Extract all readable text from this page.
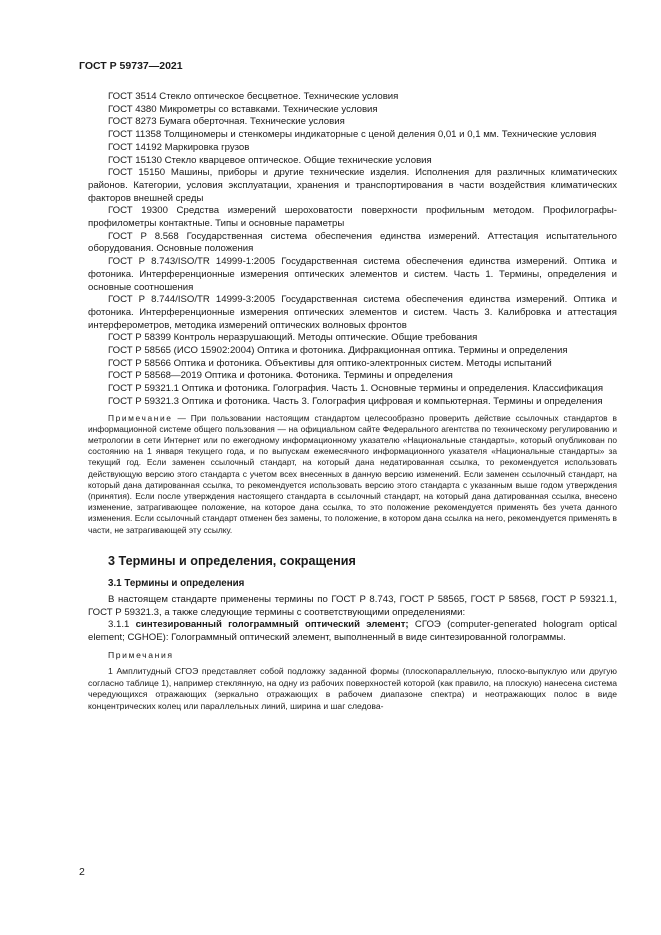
ГОСТ Р 59737—2021

ГОСТ 3514 Стекло оптическое бесцветное. Технические условия

ГОСТ 4380 Микрометры со вставками. Технические условия

ГОСТ 8273 Бумага оберточная. Технические условия

ГОСТ 11358 Толщиномеры и стенкомеры индикаторные с ценой деления 0,01 и 0,1 мм. Технические условия

ГОСТ 14192 Маркировка грузов

ГОСТ 15130 Стекло кварцевое оптическое. Общие технические условия

ГОСТ 15150 Машины, приборы и другие технические изделия. Исполнения для различных климатических районов. Категории, условия эксплуатации, хранения и транспортирования в части воздействия климатических факторов внешней среды

ГОСТ 19300 Средства измерений шероховатости поверхности профильным методом. Профилографы-профилометры контактные. Типы и основные параметры

ГОСТ Р 8.568 Государственная система обеспечения единства измерений. Аттестация испытательного оборудования. Основные положения

ГОСТ Р 8.743/ISO/TR 14999-1:2005 Государственная система обеспечения единства измерений. Оптика и фотоника. Интерференционные измерения оптических элементов и систем. Часть 1. Термины, определения и основные соотношения

ГОСТ Р 8.744/ISO/TR 14999-3:2005 Государственная система обеспечения единства измерений. Оптика и фотоника. Интерференционные измерения оптических элементов и систем. Часть 3. Калибровка и аттестация интерферометров, методика измерений оптических волновых фронтов

ГОСТ Р 58399 Контроль неразрушающий. Методы оптические. Общие требования

ГОСТ Р 58565 (ИСО 15902:2004) Оптика и фотоника. Дифракционная оптика. Термины и определения

ГОСТ Р 58566 Оптика и фотоника. Объективы для оптико-электронных систем. Методы испытаний

ГОСТ Р 58568—2019 Оптика и фотоника. Фотоника. Термины и определения

ГОСТ Р 59321.1 Оптика и фотоника. Голография. Часть 1. Основные термины и определения. Классификация

ГОСТ Р 59321.3 Оптика и фотоника. Часть 3. Голография цифровая и компьютерная. Термины и определения

Примечание — При пользовании настоящим стандартом целесообразно проверить действие ссылочных стандартов в информационной системе общего пользования — на официальном сайте Федерального агентства по техническому регулированию и метрологии в сети Интернет или по ежегодному информационному указателю «Национальные стандарты», который опубликован по состоянию на 1 января текущего года, и по выпускам ежемесячного информационного указателя «Национальные стандарты» за текущий год. Если заменен ссылочный стандарт, на который дана недатированная ссылка, то рекомендуется использовать действующую версию этого стандарта с учетом всех внесенных в данную версию изменений. Если заменен ссылочный стандарт, на который дана датированная ссылка, то рекомендуется использовать версию этого стандарта с указанным выше годом утверждения (принятия). Если после утверждения настоящего стандарта в ссылочный стандарт, на который дана датированная ссылка, внесено изменение, затрагивающее положение, на которое дана ссылка, то это положение рекомендуется применять без учета данного изменения. Если ссылочный стандарт отменен без замены, то положение, в котором дана ссылка на него, рекомендуется применять в части, не затрагивающей эту ссылку.

3 Термины и определения, сокращения
3.1 Термины и определения

В настоящем стандарте применены термины по ГОСТ Р 8.743, ГОСТ Р 58565, ГОСТ Р 58568, ГОСТ Р 59321.1, ГОСТ Р 59321.3, а также следующие термины с соответствующими определениями:

3.1.1 синтезированный голограммный оптический элемент; СГОЭ (computer-generated hologram optical element; CGHOE): Голограммный оптический элемент, выполненный в виде синтезированной голограммы.

Примечания

1 Амплитудный СГОЭ представляет собой подложку заданной формы (плоскопараллельную, плоско-выпуклую или другую согласно таблице 1), например стеклянную, на одну из рабочих поверхностей которой (как правило, на плоскую) нанесена система чередующихся отражающих (зеркально отражающих в рабочем диапазоне спектра) и неотражающих полос в виде концентрических колец или параллельных линий, ширина и шаг следова-

2
